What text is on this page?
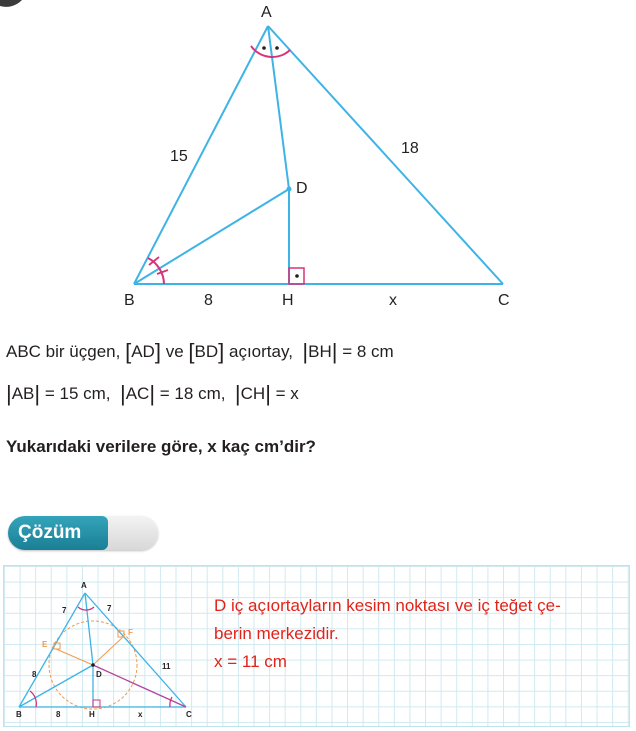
A
B	C
D
H
15	18
8	x
ABC bir üçgen, [AD] ve [BD] açıortay, |BH| = 8 cm
|AB| = 15 cm, |AC| = 18 cm, |CH| = x
Yukarıdaki verilere göre, x kaç cm’dir?
Çözüm
A
B	C
D
H
E
F
7	7
8
8
11
x
D iç açıortayların kesim noktası ve iç teğet çe-
berin merkezidir.
x = 11 cm
